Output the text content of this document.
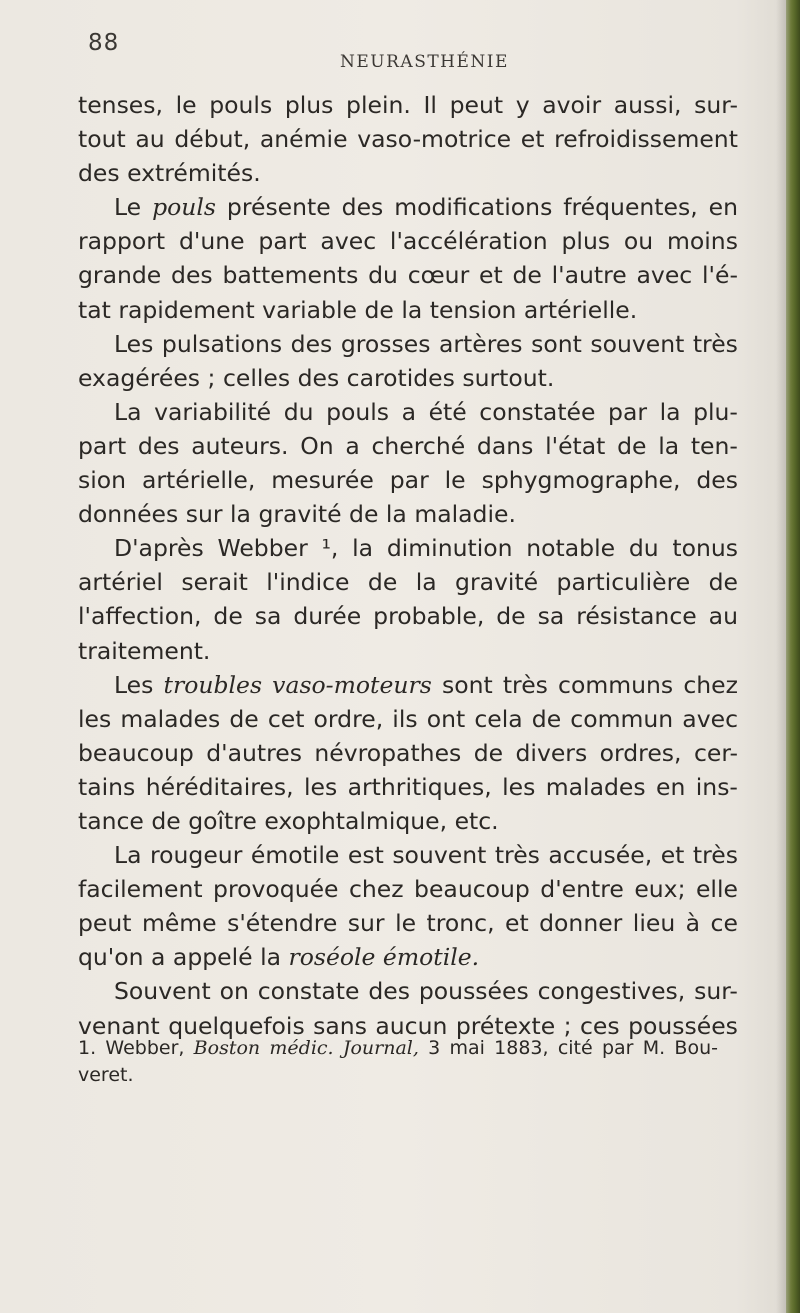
88
NEURASTHÉNIE
tenses, le pouls plus plein. Il peut y avoir aussi, sur-
tout au début, anémie vaso-motrice et refroidissement
des
extrémités.
Le pouls présente des modifications fréquentes, en
rapport d'une part avec l'accélération plus ou moins
grande des battements du cœur et de l'autre avec l'é-
tat
rapidement
variable
de
la
tension
artérielle.
Les pulsations des grosses artères sont souvent très
exagérées
;
celles
des
carotides
surtout.
La variabilité du pouls a été constatée par la plu-
part des auteurs. On a cherché dans l'état de la ten-
sion artérielle, mesurée par le sphygmographe, des
données
sur
la
gravité
de
la
maladie.
D'après Webber ¹, la diminution notable du tonus
artériel serait l'indice de la gravité particulière de
l'affection, de sa durée probable, de sa résistance au
traitement.
Les troubles vaso-moteurs sont très communs chez
les malades de cet ordre, ils ont cela de commun avec
beaucoup d'autres névropathes de divers ordres, cer-
tains héréditaires, les arthritiques, les malades en ins-
tance
de
goître
exophtalmique,
etc.
La rougeur émotile est souvent très accusée, et très
facilement provoquée chez beaucoup d'entre eux; elle
peut même s'étendre sur le tronc, et donner lieu à ce
qu'on
a
appelé
la
roséole
émotile.
Souvent on constate des poussées congestives, sur-
venant quelquefois sans aucun prétexte ; ces poussées
1. Webber, Boston médic. Journal, 3 mai 1883, cité par M. Bou-
veret.
